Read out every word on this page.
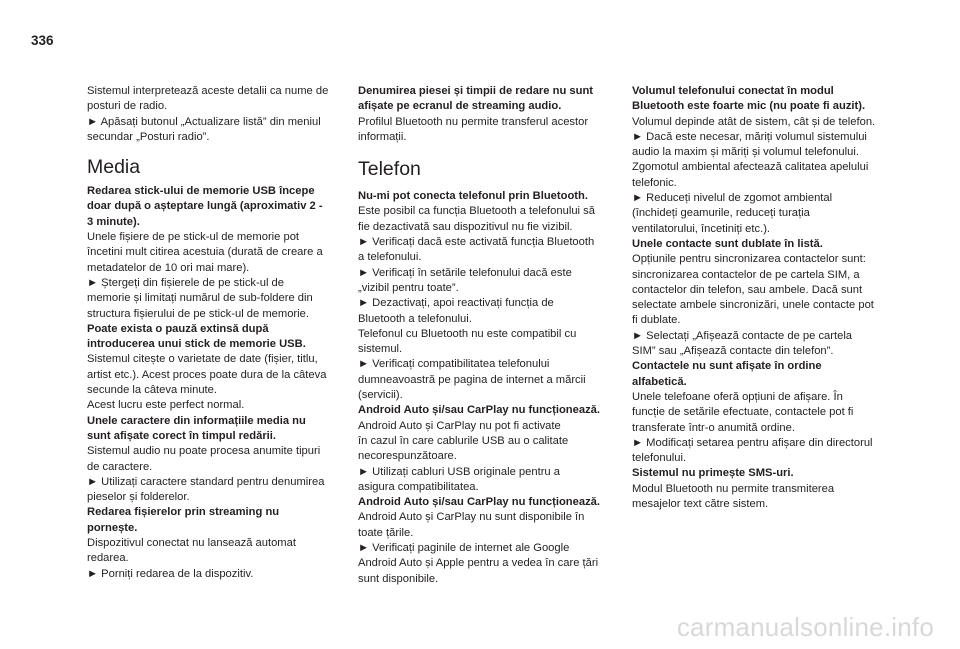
336
Sistemul interpretează aceste detalii ca nume de
posturi de radio.
► Apăsați butonul „Actualizare listă” din meniul
secundar „Posturi radio”.
Media
Redarea stick-ului de memorie USB începe
doar după o așteptare lungă (aproximativ 2 -
3 minute).
Unele fișiere de pe stick-ul de memorie pot
încetini mult citirea acestuia (durată de creare a
metadatelor de 10 ori mai mare).
► Ștergeți din fișierele de pe stick-ul de
memorie și limitați numărul de sub-foldere din
structura fișierului de pe stick-ul de memorie.
Poate exista o pauză extinsă după
introducerea unui stick de memorie USB.
Sistemul citește o varietate de date (fișier, titlu,
artist etc.). Acest proces poate dura de la câteva
secunde la câteva minute.
Acest lucru este perfect normal.
Unele caractere din informațiile media nu
sunt afișate corect în timpul redării.
Sistemul audio nu poate procesa anumite tipuri
de caractere.
► Utilizați caractere standard pentru denumirea
pieselor și folderelor.
Redarea fișierelor prin streaming nu
pornește.
Dispozitivul conectat nu lansează automat
redarea.
► Porniți redarea de la dispozitiv.
Denumirea piesei și timpii de redare nu sunt
afișate pe ecranul de streaming audio.
Profilul Bluetooth nu permite transferul acestor
informații.
Telefon
Nu-mi pot conecta telefonul prin Bluetooth.
Este posibil ca funcția Bluetooth a telefonului să
fie dezactivată sau dispozitivul nu fie vizibil.
► Verificați dacă este activată funcția Bluetooth
a telefonului.
► Verificați în setările telefonului dacă este
„vizibil pentru toate”.
► Dezactivați, apoi reactivați funcția de
Bluetooth a telefonului.
Telefonul cu Bluetooth nu este compatibil cu
sistemul.
► Verificați compatibilitatea telefonului
dumneavoastră pe pagina de internet a mărcii
(servicii).
Android Auto și/sau CarPlay nu funcționează.
Android Auto și CarPlay nu pot fi activate
în cazul în care cablurile USB au o calitate
necorespunzătoare.
► Utilizați cabluri USB originale pentru a
asigura compatibilitatea.
Android Auto și/sau CarPlay nu funcționează.
Android Auto și CarPlay nu sunt disponibile în
toate țările.
► Verificați paginile de internet ale Google
Android Auto și Apple pentru a vedea în care țări
sunt disponibile.
Volumul telefonului conectat în modul
Bluetooth este foarte mic (nu poate fi auzit).
Volumul depinde atât de sistem, cât și de telefon.
► Dacă este necesar, măriți volumul sistemului
audio la maxim și măriți și volumul telefonului.
Zgomotul ambiental afectează calitatea apelului
telefonic.
► Reduceți nivelul de zgomot ambiental
(închideți geamurile, reduceți turația
ventilatorului, încetiniți etc.).
Unele contacte sunt dublate în listă.
Opțiunile pentru sincronizarea contactelor sunt:
sincronizarea contactelor de pe cartela SIM, a
contactelor din telefon, sau ambele. Dacă sunt
selectate ambele sincronizări, unele contacte pot
fi dublate.
► Selectați „Afișează contacte de pe cartela
SIM” sau „Afișează contacte din telefon”.
Contactele nu sunt afișate în ordine
alfabetică.
Unele telefoane oferă opțiuni de afișare. În
funcție de setările efectuate, contactele pot fi
transferate într-o anumită ordine.
► Modificați setarea pentru afișare din directorul
telefonului.
Sistemul nu primește SMS-uri.
Modul Bluetooth nu permite transmiterea
mesajelor text către sistem.
carmanualsonline.info
